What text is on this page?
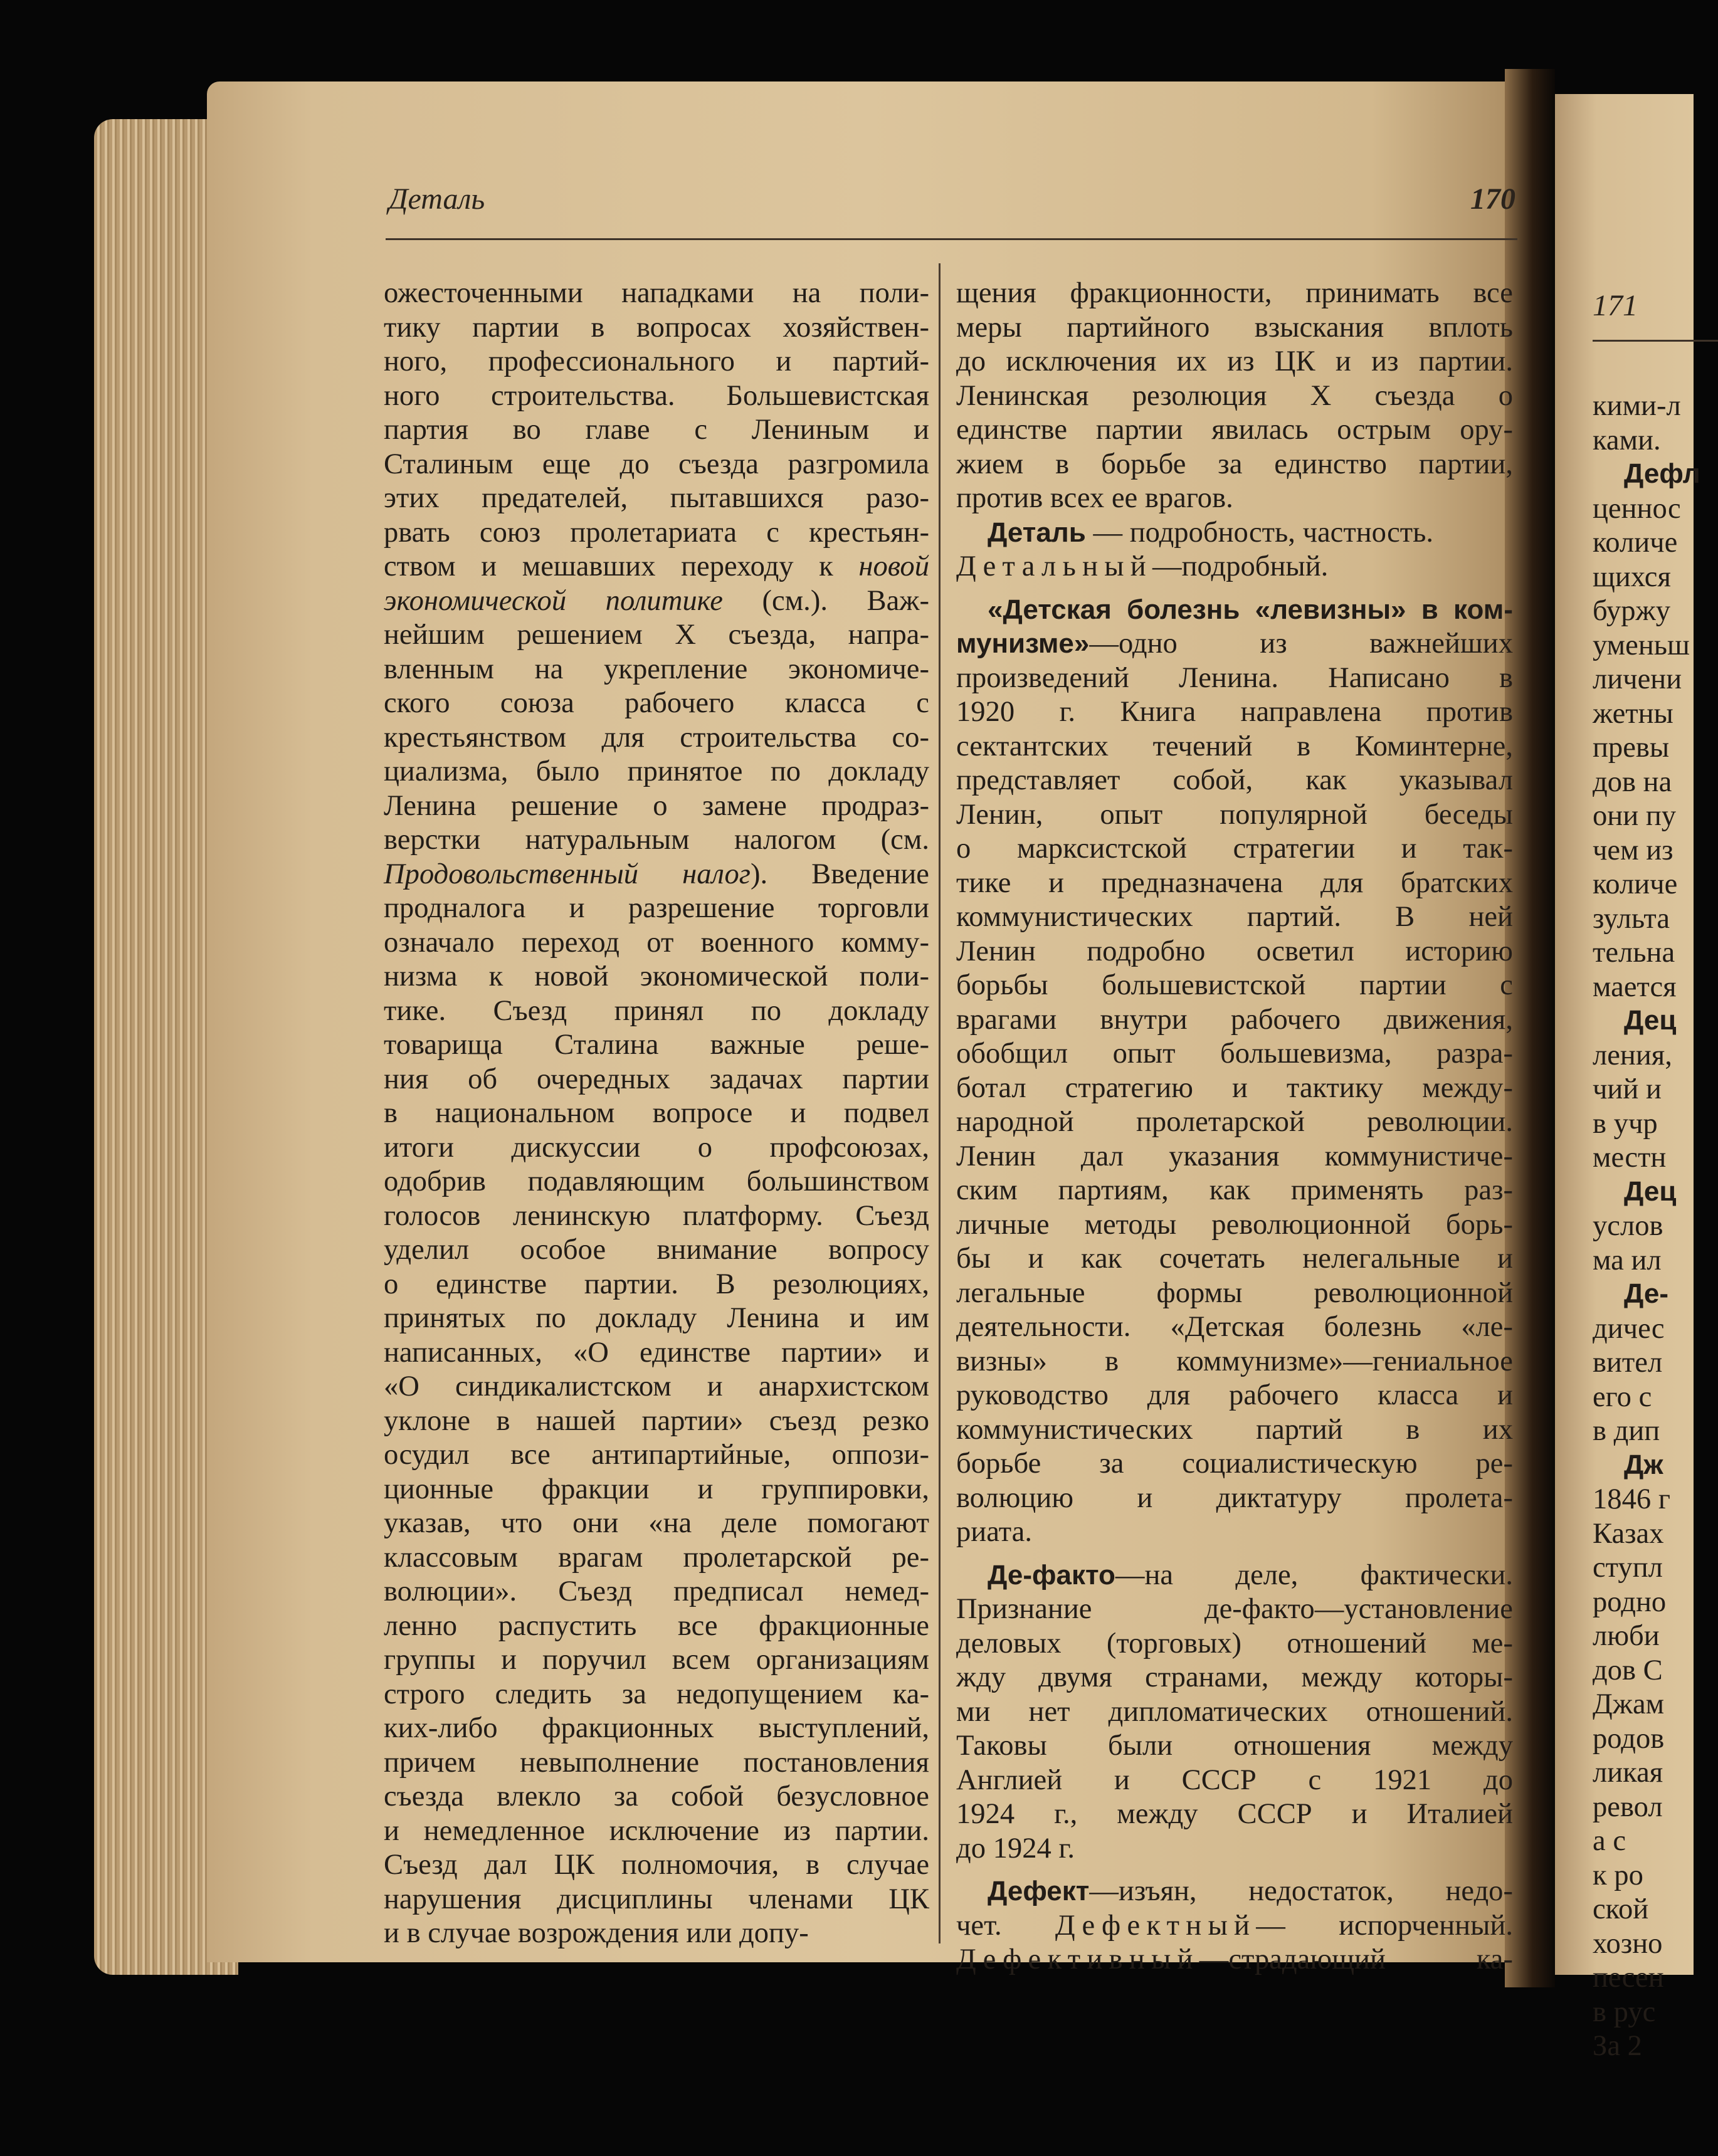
171
кими-л
ками.
Дефл
ценнос
количе
щихся
буржу
уменьш
личени
жетны
превы
дов на
они пу
чем из
количе
зульта
тельна
мается
Дец
ления,
чий и
в учр
местн
Дец
услов
ма ил
Де-
дичес
вител
его с
в дип
Дж
1846 г
Казах
ступл
родно
люби
дов С
Джам
родов
ликая
револ
а с
к ро
ской
хозно
песен
в рус
За 2
Деталь	170
ожесточенными нападками на поли-
тику партии в вопросах хозяйствен-
ного, профессионального и партий-
ного строительства. Большевистская
партия во главе с Лениным и
Сталиным еще до съезда разгромила
этих предателей, пытавшихся разо-
рвать союз пролетариата с крестьян-
ством и мешавших переходу к новой
экономической политике (см.). Важ-
нейшим решением X съезда, напра-
вленным на укрепление экономиче-
ского союза рабочего класса с
крестьянством для строительства со-
циализма, было принятое по докладу
Ленина решение о замене продраз-
верстки натуральным налогом (см.
Продовольственный налог). Введение
продналога и разрешение торговли
означало переход от военного комму-
низма к новой экономической поли-
тике. Съезд принял по докладу
товарища Сталина важные реше-
ния об очередных задачах партии
в национальном вопросе и подвел
итоги дискуссии о профсоюзах,
одобрив подавляющим большинством
голосов ленинскую платформу. Съезд
уделил особое внимание вопросу
о единстве партии. В резолюциях,
принятых по докладу Ленина и им
написанных, «О единстве партии» и
«О синдикалистском и анархистском
уклоне в нашей партии» съезд резко
осудил все антипартийные, оппози-
ционные фракции и группировки,
указав, что они «на деле помогают
классовым врагам пролетарской ре-
волюции». Съезд предписал немед-
ленно распустить все фракционные
группы и поручил всем организациям
строго следить за недопущением ка-
ких-либо фракционных выступлений,
причем невыполнение постановления
съезда влекло за собой безусловное
и немедленное исключение из партии.
Съезд дал ЦК полномочия, в случае
нарушения дисциплины членами ЦК
и в случае возрождения или допу-
щения фракционности, принимать все
меры партийного взыскания вплоть
до исключения их из ЦК и из партии.
Ленинская резолюция X съезда о
единстве партии явилась острым ору-
жием в борьбе за единство партии,
против всех ее врагов.
Деталь — подробность, частность.
Детальный—подробный.
«Детская болезнь «левизны» в ком-
мунизме»—одно из важнейших
произведений Ленина. Написано в
1920 г. Книга направлена против
сектантских течений в Коминтерне,
представляет собой, как указывал
Ленин, опыт популярной беседы
о марксистской стратегии и так-
тике и предназначена для братских
коммунистических партий. В ней
Ленин подробно осветил историю
борьбы большевистской партии с
врагами внутри рабочего движения,
обобщил опыт большевизма, разра-
ботал стратегию и тактику между-
народной пролетарской революции.
Ленин дал указания коммунистиче-
ским партиям, как применять раз-
личные методы революционной борь-
бы и как сочетать нелегальные и
легальные формы революционной
деятельности. «Детская болезнь «ле-
визны» в коммунизме»—гениальное
руководство для рабочего класса и
коммунистических партий в их
борьбе за социалистическую ре-
волюцию и диктатуру пролета-
риата.
Де-факто—на деле, фактически.
Признание де-факто—установление
деловых (торговых) отношений ме-
жду двумя странами, между которы-
ми нет дипломатических отношений.
Таковы были отношения между
Англией и СССР с 1921 до
1924 г., между СССР и Италией
до 1924 г.
Дефект—изъян, недостаток, недо-
чет. Дефектный— испорченный.
Дефективный—страдающий ка-
